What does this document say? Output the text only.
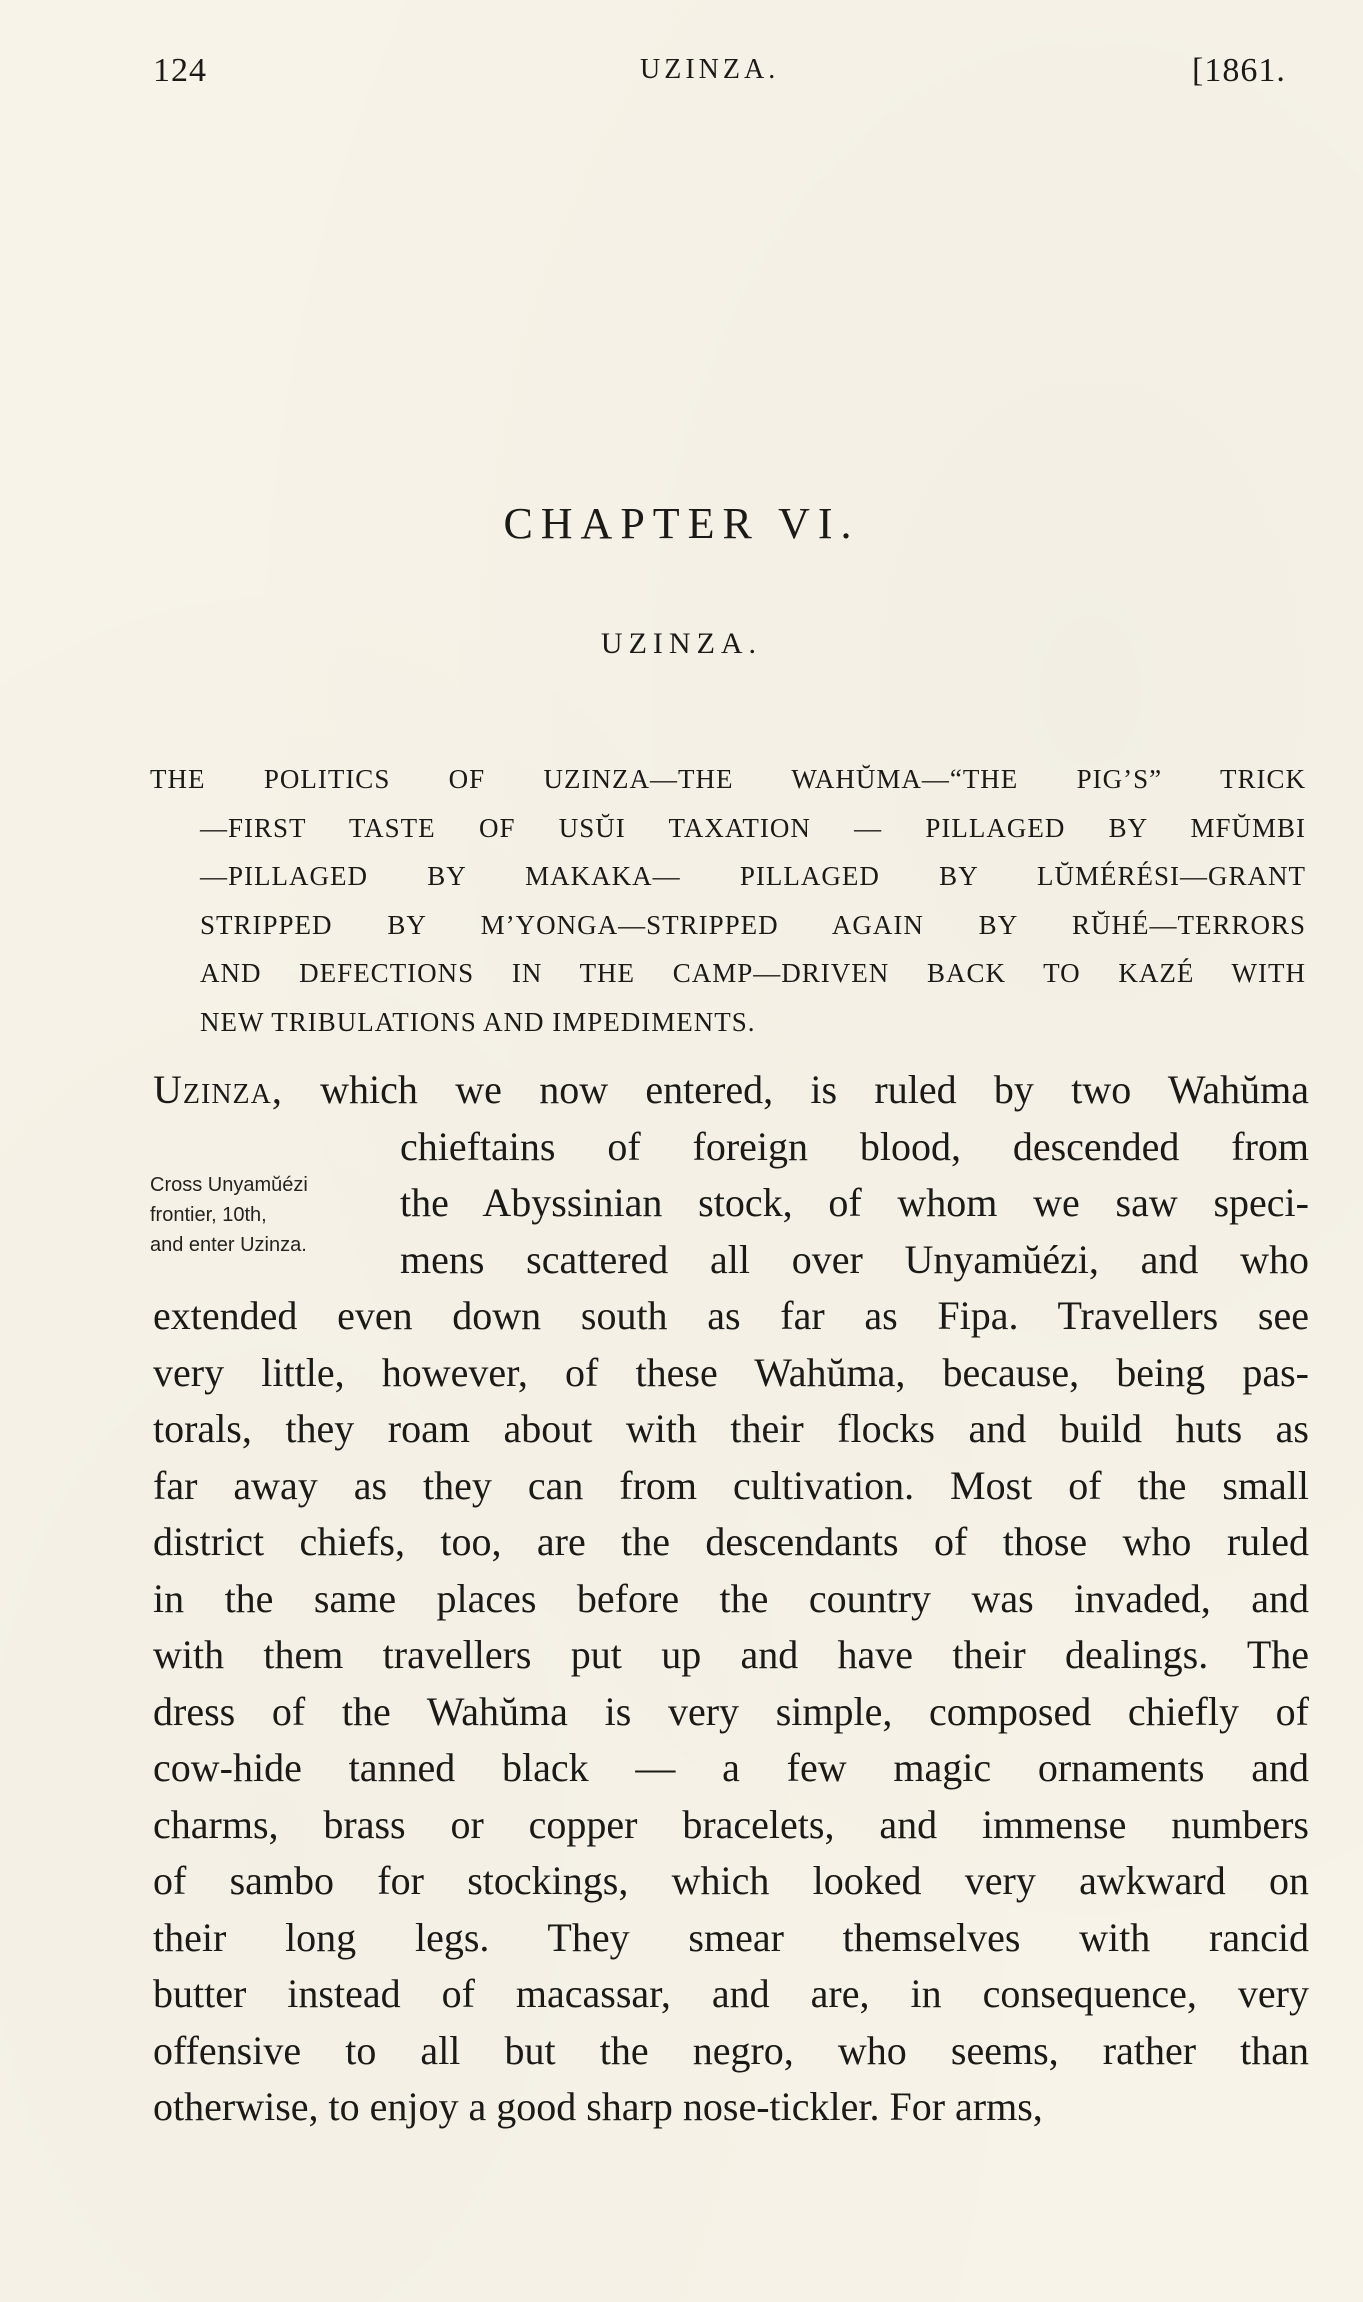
124	UZINZA.	[1861.
CHAPTER VI.
UZINZA.
THE POLITICS OF UZINZA—THE WAHŬMA—“THE PIG’S” TRICK
—FIRST TASTE OF USŬI TAXATION — PILLAGED BY MFŬMBI
—PILLAGED BY MAKAKA— PILLAGED BY LŬMÉRÉSI—GRANT
STRIPPED BY M’YONGA—STRIPPED AGAIN BY RŬHÉ—TERRORS
AND DEFECTIONS IN THE CAMP—DRIVEN BACK TO KAZÉ WITH
NEW TRIBULATIONS AND IMPEDIMENTS.
Cross Unyamŭézi
frontier, 10th,
and enter Uzinza.
Uzinza, which we now entered, is ruled by two Wahŭma
chieftains of foreign blood, descended from
the Abyssinian stock, of whom we saw speci-
mens scattered all over Unyamŭézi, and who
extended even down south as far as Fipa. Travellers see
very little, however, of these Wahŭma, because, being pas-
torals, they roam about with their flocks and build huts as
far away as they can from cultivation. Most of the small
district chiefs, too, are the descendants of those who ruled
in the same places before the country was invaded, and
with them travellers put up and have their dealings. The
dress of the Wahŭma is very simple, composed chiefly of
cow-hide tanned black — a few magic ornaments and
charms, brass or copper bracelets, and immense numbers
of sambo for stockings, which looked very awkward on
their long legs. They smear themselves with rancid
butter instead of macassar, and are, in consequence, very
offensive to all but the negro, who seems, rather than
otherwise, to enjoy a good sharp nose-tickler. For arms,
